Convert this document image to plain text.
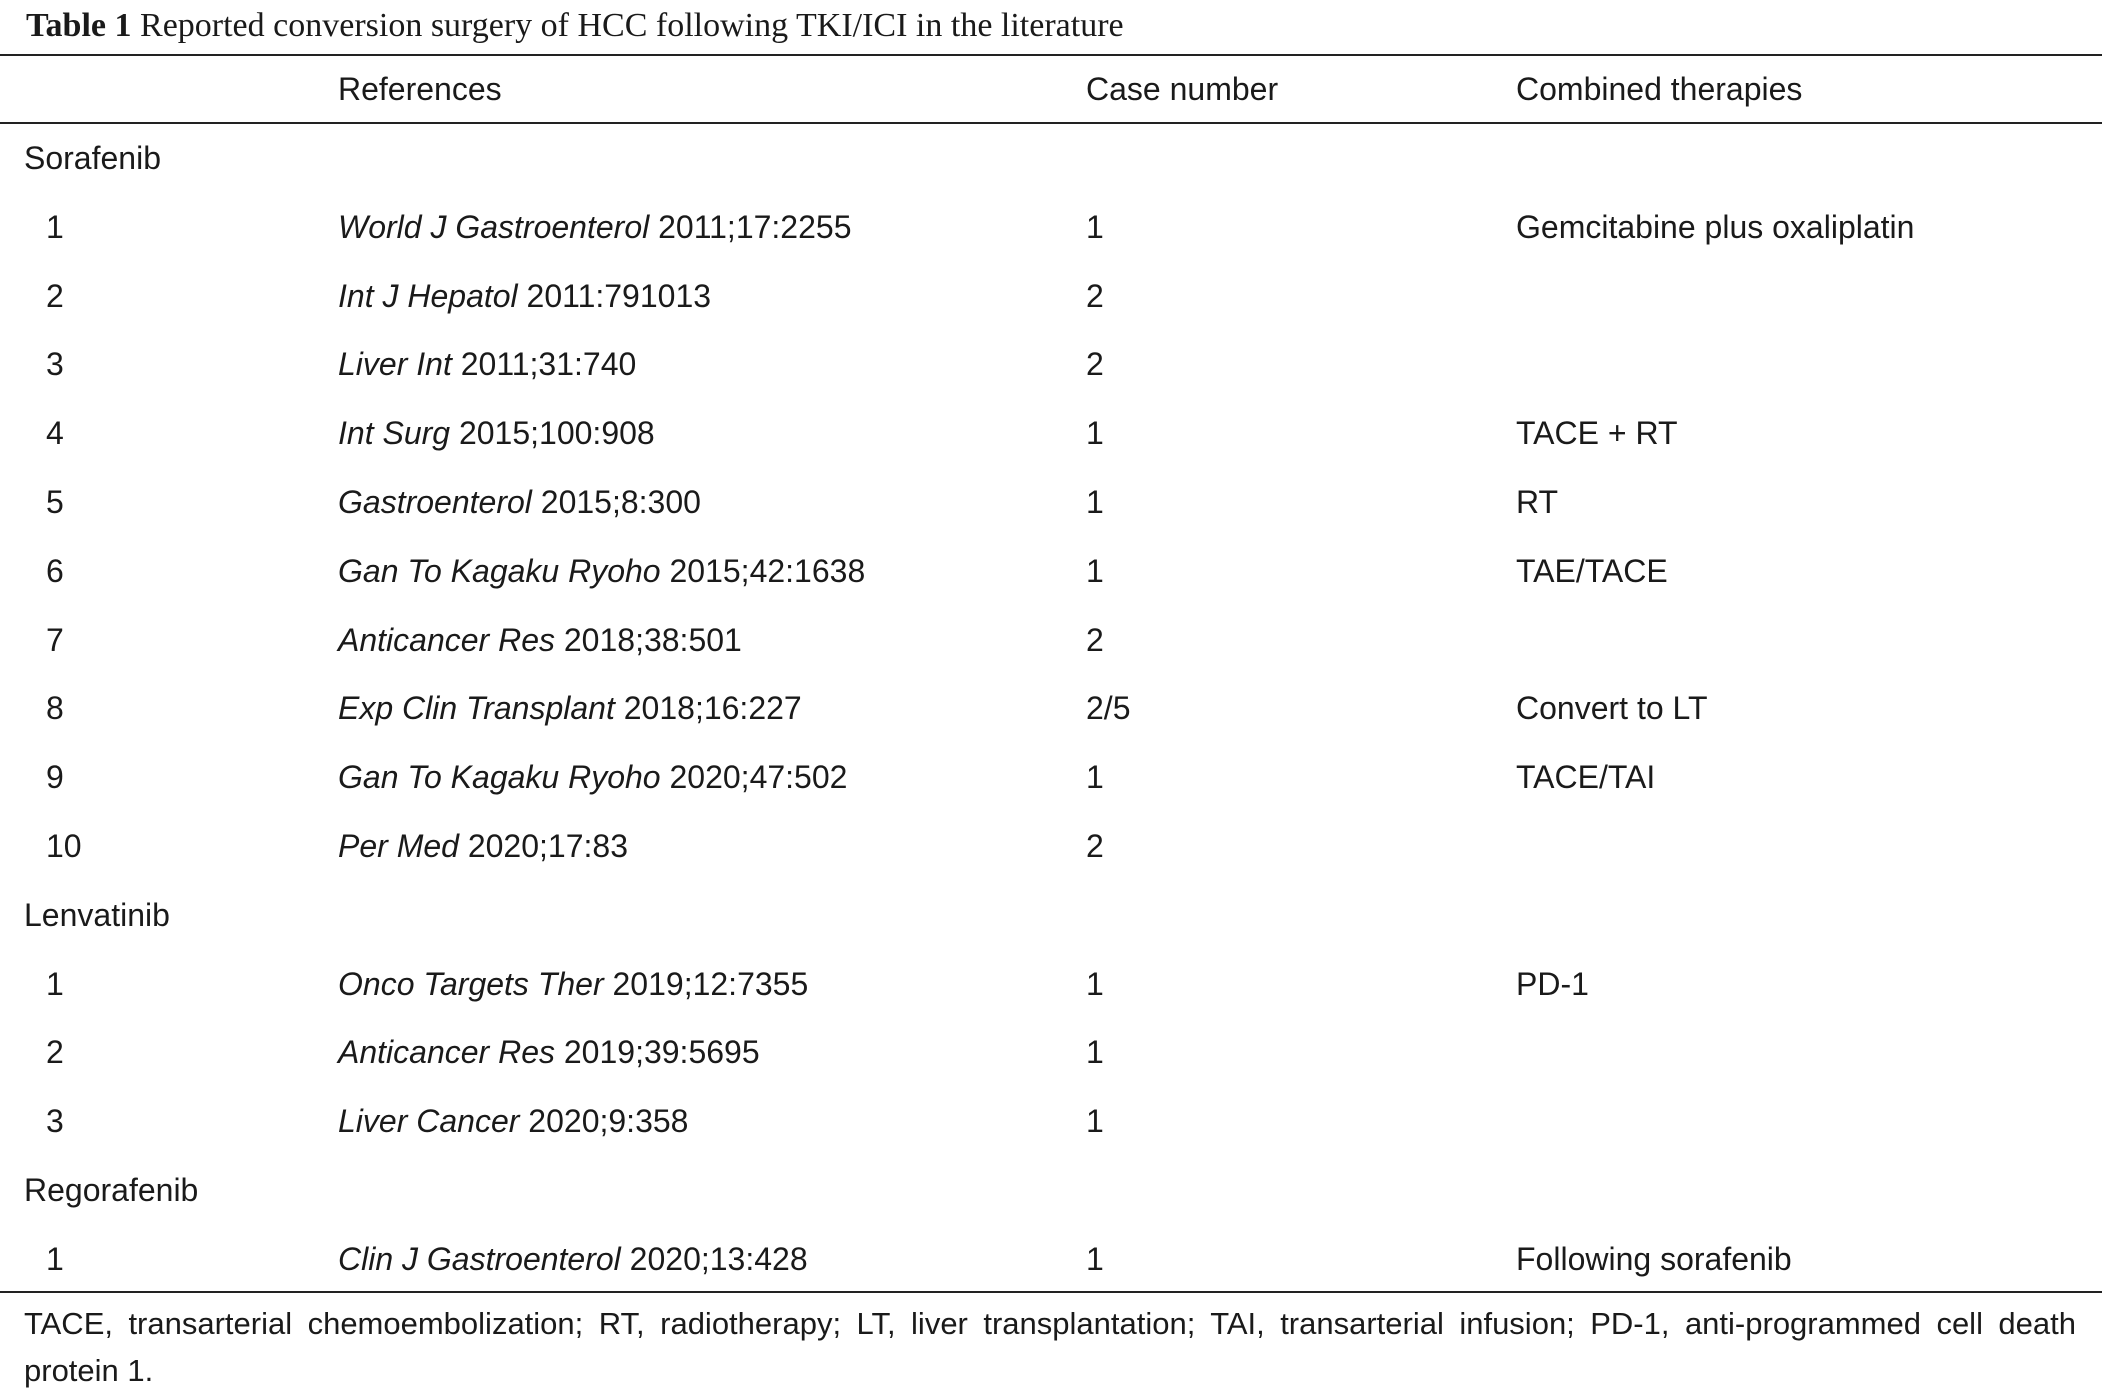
Table 1 Reported conversion surgery of HCC following TKI/ICI in the literature
References	Case number	Combined therapies
Sorafenib
1	World J Gastroenterol 2011;17:2255	1	Gemcitabine plus oxaliplatin
2	Int J Hepatol 2011:791013	2
3	Liver Int 2011;31:740	2
4	Int Surg 2015;100:908	1	TACE + RT
5	Gastroenterol 2015;8:300	1	RT
6	Gan To Kagaku Ryoho 2015;42:1638	1	TAE/TACE
7	Anticancer Res 2018;38:501	2
8	Exp Clin Transplant 2018;16:227	2/5	Convert to LT
9	Gan To Kagaku Ryoho 2020;47:502	1	TACE/TAI
10	Per Med 2020;17:83	2
Lenvatinib
1	Onco Targets Ther 2019;12:7355	1	PD-1
2	Anticancer Res 2019;39:5695	1
3	Liver Cancer 2020;9:358	1
Regorafenib
1	Clin J Gastroenterol 2020;13:428	1	Following sorafenib
TACE, transarterial chemoembolization; RT, radiotherapy; LT, liver transplantation; TAI, transarterial infusion; PD-1, anti-programmed cell death protein 1.
